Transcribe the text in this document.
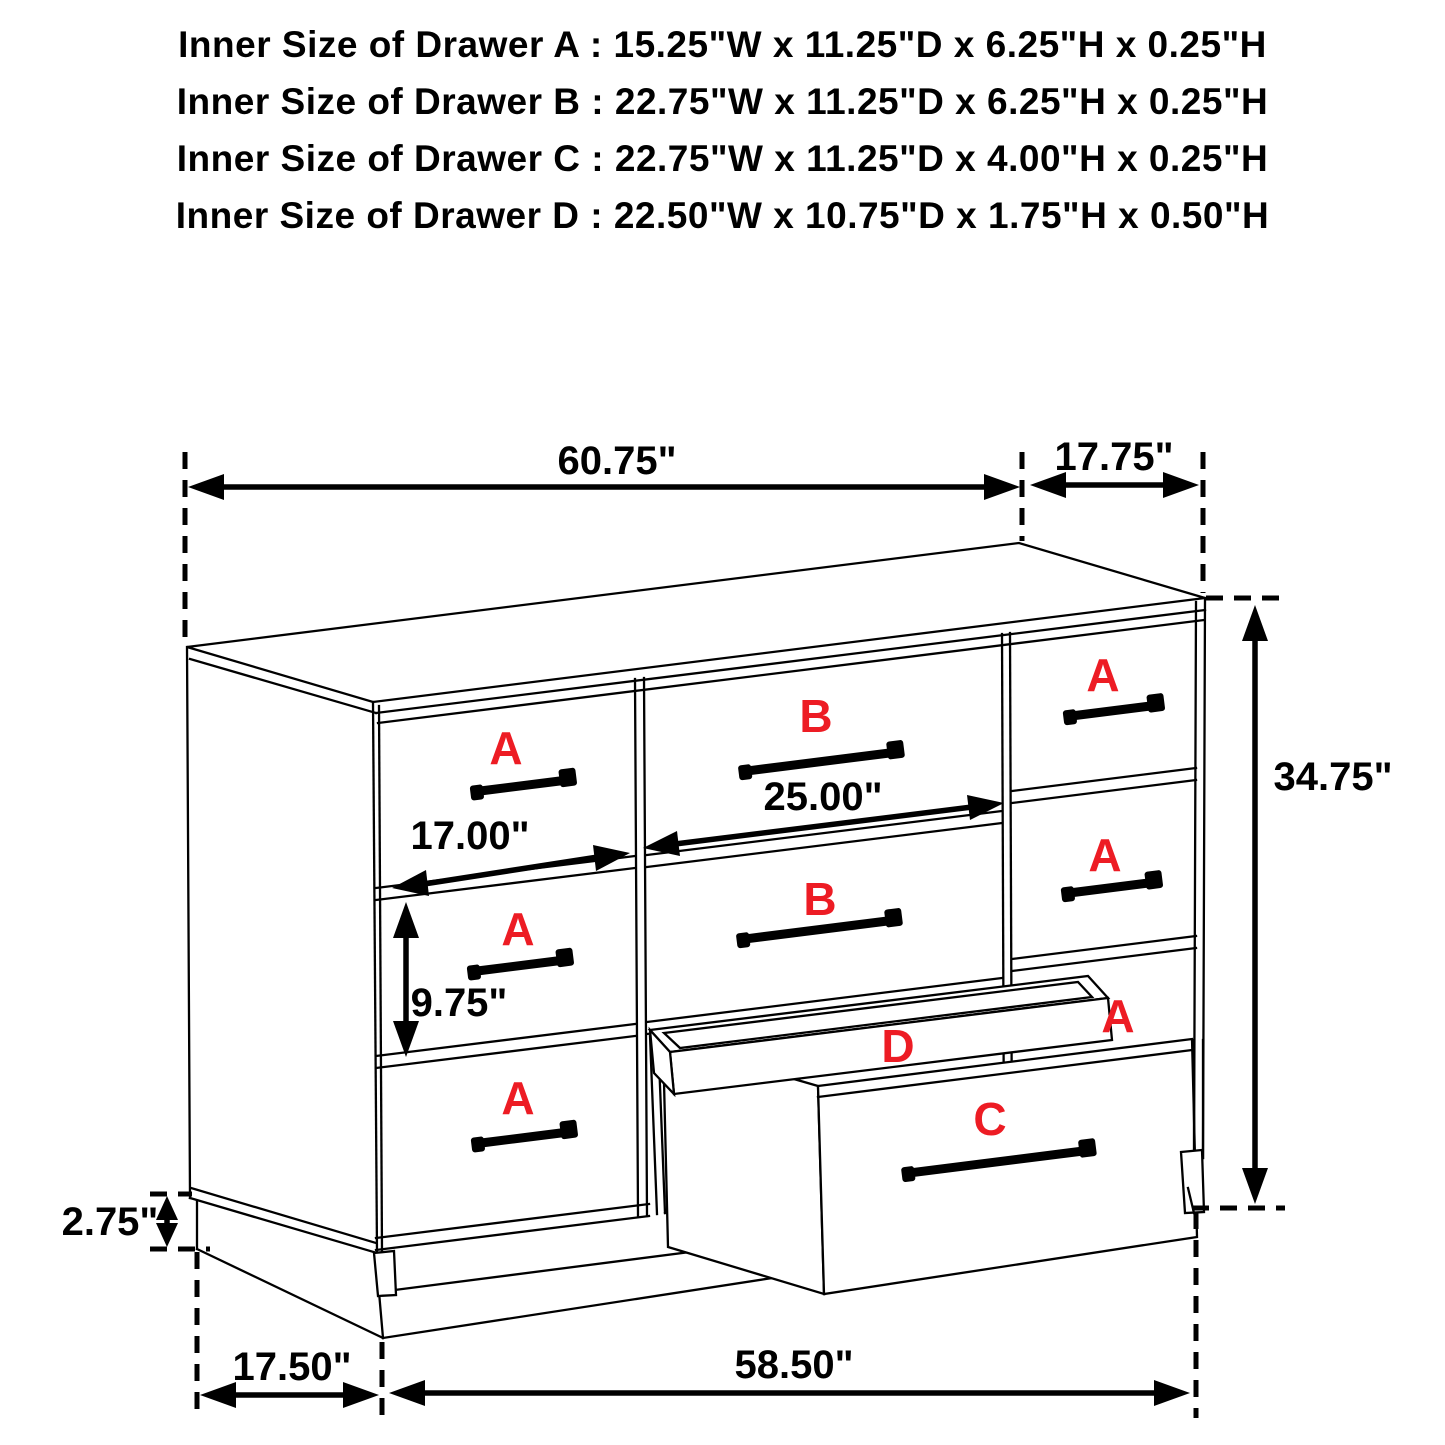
Inner Size of Drawer A : 15.25"W x 11.25"D x 6.25"H x 0.25"H
Inner Size of Drawer B : 22.75"W x 11.25"D x 6.25"H x 0.25"H
Inner Size of Drawer C : 22.75"W x 11.25"D x 4.00"H x 0.25"H
Inner Size of Drawer D : 22.50"W x 10.75"D x 1.75"H x 0.50"H
A
A
A
A
A
A
B
B
D
C
60.75"	17.75"
34.75"
25.00"
17.00"
9.75"
2.75"
17.50"	58.50"
